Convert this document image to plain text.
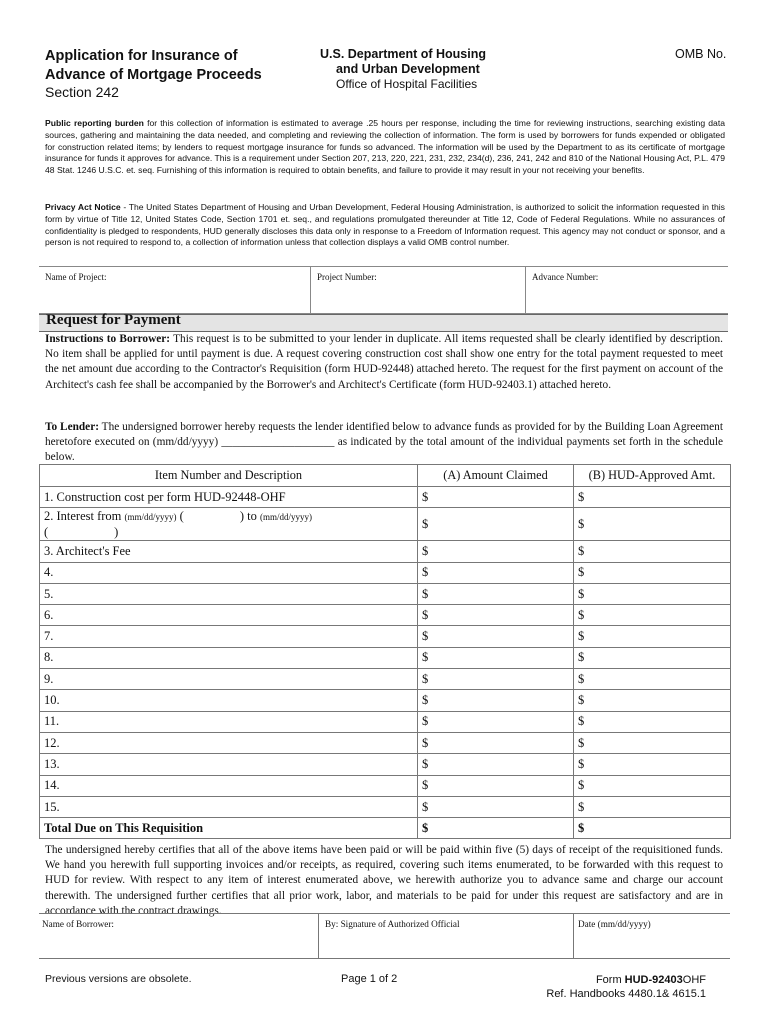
Application for Insurance of
Advance of Mortgage Proceeds
Section 242
U.S. Department of Housing
and Urban Development
Office of Hospital Facilities
OMB No.
Public reporting burden for this collection of information is estimated to average .25 hours per response, including the time for reviewing instructions, searching existing data sources, gathering and maintaining the data needed, and completing and reviewing the collection of information. The form is used by borrowers for funds expended or obligated for construction related items; by lenders to request mortgage insurance for funds so advanced. The information will be used by the Department to as its certificate of mortgage insurance for funds it approves for advance. This is a requirement under Section 207, 213, 220, 221, 231, 232, 234(d), 236, 241, 242 and 810 of the National Housing Act, P.L. 479 48 Stat. 1246 U.S.C. et. seq. Furnishing of this information is required to obtain benefits, and failure to provide it may result in your not receiving your benefits.
Privacy Act Notice - The United States Department of Housing and Urban Development, Federal Housing Administration, is authorized to solicit the information requested in this form by virtue of Title 12, United States Code, Section 1701 et. seq., and regulations promulgated thereunder at Title 12, Code of Federal Regulations. While no assurances of confidentiality is pledged to respondents, HUD generally discloses this data only in response to a Freedom of Information request. This agency may not conduct or sponsor, and a person is not required to respond to, a collection of information unless that collection displays a valid OMB control number.
Name of Project:	Project Number:	Advance Number:
Request for Payment
Instructions to Borrower: This request is to be submitted to your lender in duplicate. All items requested shall be clearly identified by description. No item shall be applied for until payment is due. A request covering construction cost shall show one entry for the total payment requested to meet the net amount due according to the Contractor's Requisition (form HUD-92448) attached hereto. The request for the first payment on account of the Architect's cash fee shall be accompanied by the Borrower's and Architect's Certificate (form HUD-92403.1) attached hereto.
To Lender: The undersigned borrower hereby requests the lender identified below to advance funds as provided for by the Building Loan Agreement heretofore executed on (mm/dd/yyyy) ____________________ as indicated by the total amount of the individual payments set forth in the schedule below.
Item Number and Description	(A) Amount Claimed	(B) HUD-Approved Amt.
1. Construction cost per form HUD-92448-OHF	$	$
2. Interest from (mm/dd/yyyy) ( ) to (mm/dd/yyyy)
( )	$	$
3. Architect's Fee	$	$
4.	$	$
5.	$	$
6.	$	$
7.	$	$
8.	$	$
9.	$	$
10.	$	$
11.	$	$
12.	$	$
13.	$	$
14.	$	$
15.	$	$
Total Due on This Requisition	$	$
The undersigned hereby certifies that all of the above items have been paid or will be paid within five (5) days of receipt of the requisitioned funds. We hand you herewith full supporting invoices and/or receipts, as required, covering such items enumerated, to be forwarded with this request to HUD for review. With respect to any item of interest enumerated above, we herewith authorize you to advance same and charge our account therewith. The undersigned further certifies that all prior work, labor, and materials to be paid for under this request are satisfactory and are in accordance with the contract drawings.
Name of Borrower:	By: Signature of Authorized Official	Date (mm/dd/yyyy)
Previous versions are obsolete.	Page 1 of 2	Form HUD-92403OHF
Ref. Handbooks 4480.1& 4615.1
